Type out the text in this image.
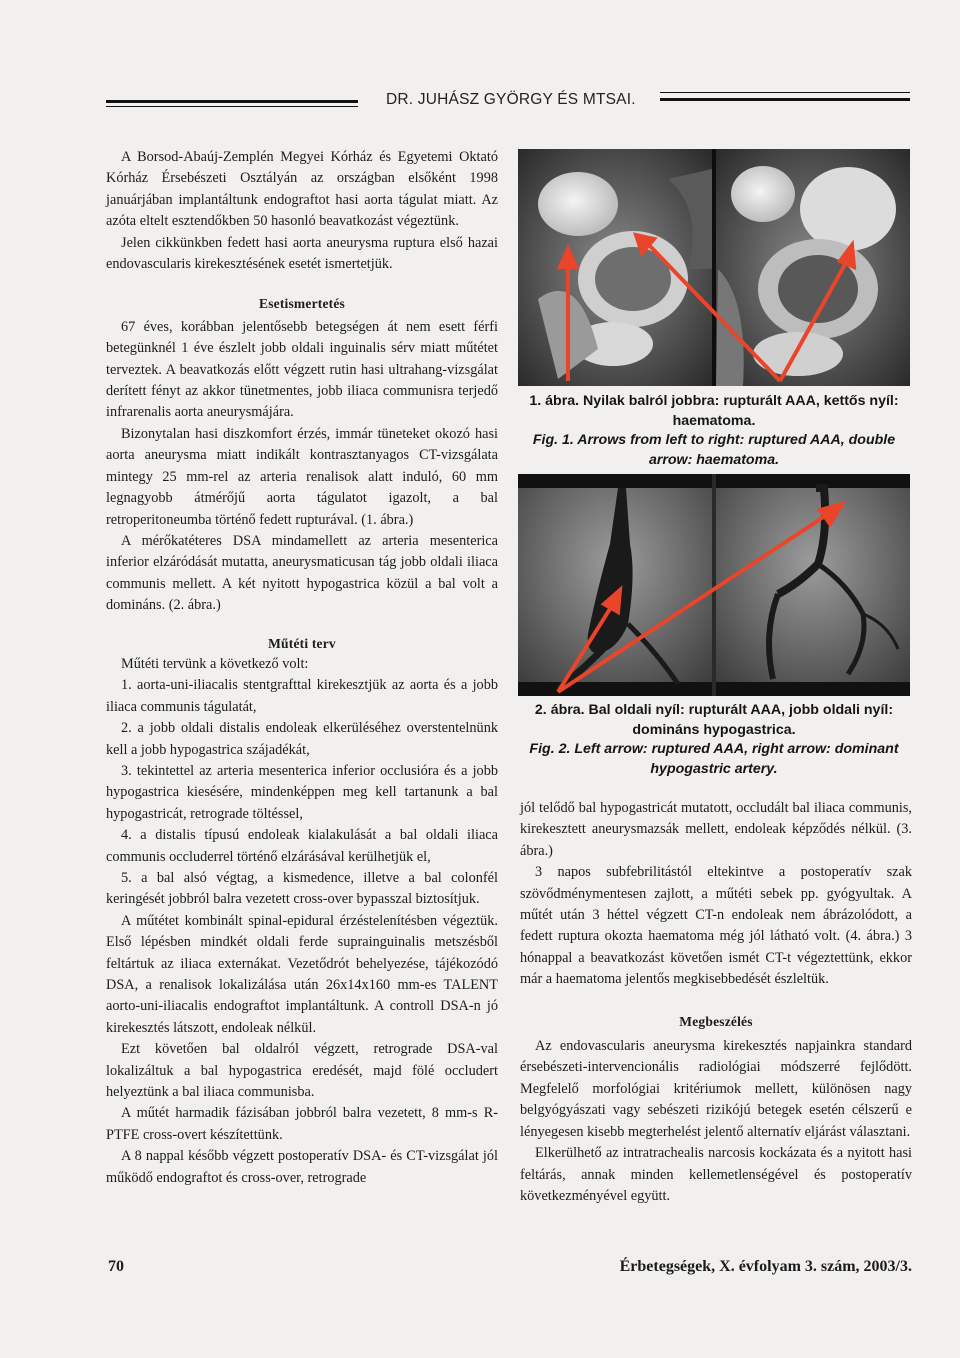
DR. JUHÁSZ GYÖRGY ÉS MTSAI.

A Borsod-Abaúj-Zemplén Megyei Kórház és Egyetemi Oktató Kórház Érsebészeti Osztályán az országban elsőként 1998 januárjában implantáltunk endograftot hasi aorta tágulat miatt. Az azóta eltelt esztendőkben 50 hasonló beavatkozást végeztünk.

Jelen cikkünkben fedett hasi aorta aneurysma ruptura első hazai endovascularis kirekesztésének esetét ismertetjük.

Esetismertetés

67 éves, korábban jelentősebb betegségen át nem esett férfi betegünknél 1 éve észlelt jobb oldali inguinalis sérv miatt műtétet terveztek. A beavatkozás előtt végzett rutin hasi ultrahang-vizsgálat derített fényt az akkor tünetmentes, jobb iliaca communisra terjedő infrarenalis aorta aneurysmájára.

Bizonytalan hasi diszkomfort érzés, immár tüneteket okozó hasi aorta aneurysma miatt indikált kontrasztanyagos CT-vizsgálata mintegy 25 mm-rel az arteria renalisok alatt induló, 60 mm legnagyobb átmérőjű aorta tágulatot igazolt, a bal retroperitoneumba történő fedett rupturával. (1. ábra.)

A mérőkatéteres DSA mindamellett az arteria mesenterica inferior elzáródását mutatta, aneurysmaticusan tág jobb oldali iliaca communis mellett. A két nyitott hypogastrica közül a bal volt a domináns. (2. ábra.)

Műtéti terv

Műtéti tervünk a következő volt:

1. aorta-uni-iliacalis stentgrafttal kirekesztjük az aorta és a jobb iliaca communis tágulatát,

2. a jobb oldali distalis endoleak elkerüléséhez overstentelnünk kell a jobb hypogastrica szájadékát,

3. tekintettel az arteria mesenterica inferior occlusióra és a jobb hypogastrica kiesésére, mindenképpen meg kell tartanunk a bal hypogastricát, retrograde töltéssel,

4. a distalis típusú endoleak kialakulását a bal oldali iliaca communis occluderrel történő elzárásával kerülhetjük el,

5. a bal alsó végtag, a kismedence, illetve a bal colonfél keringését jobbról balra vezetett cross-over bypasszal biztosítjuk.

A műtétet kombinált spinal-epidural érzéstelenítésben végeztük. Első lépésben mindkét oldali ferde suprainguinalis metszésből feltártuk az iliaca externákat. Vezetődrót behelyezése, tájékozódó DSA, a renalisok lokalizálása után 26x14x160 mm-es TALENT aorto-uni-iliacalis endograftot implantáltunk. A controll DSA-n jó kirekesztés látszott, endoleak nélkül.

Ezt követően bal oldalról végzett, retrograde DSA-val lokalizáltuk a bal hypogastrica eredését, majd fölé occludert helyeztünk a bal iliaca communisba.

A műtét harmadik fázisában jobbról balra vezetett, 8 mm-s R-PTFE cross-overt készítettünk.

A 8 nappal később végzett postoperatív DSA- és CT-vizsgálat jól működő endograftot és cross-over, retrograde

1. ábra. Nyilak balról jobbra: rupturált AAA, kettős nyíl: haematoma.
Fig. 1. Arrows from left to right: ruptured AAA, double arrow: haematoma.
2. ábra. Bal oldali nyíl: rupturált AAA, jobb oldali nyíl: domináns hypogastrica.
Fig. 2. Left arrow: ruptured AAA, right arrow: dominant hypogastric artery.

jól telődő bal hypogastricát mutatott, occludált bal iliaca communis, kirekesztett aneurysmazsák mellett, endoleak képződés nélkül. (3. ábra.)

3 napos subfebrilitástól eltekintve a postoperatív szak szövődménymentesen zajlott, a műtéti sebek pp. gyógyultak. A műtét után 3 héttel végzett CT-n endoleak nem ábrázolódott, a fedett ruptura okozta haematoma még jól látható volt. (4. ábra.) 3 hónappal a beavatkozást követően ismét CT-t végeztettünk, ekkor már a haematoma jelentős megkisebbedését észleltük.

Megbeszélés

Az endovascularis aneurysma kirekesztés napjainkra standard érsebészeti-intervencionális radiológiai módszerré fejlődött. Megfelelő morfológiai kritériumok mellett, különösen nagy belgyógyászati vagy sebészeti rizikójú betegek esetén célszerű e lényegesen kisebb megterhelést jelentő alternatív eljárást választani.

Elkerülhető az intratrachealis narcosis kockázata és a nyitott hasi feltárás, annak minden kellemetlenségével és postoperatív következményével együtt.

70	Érbetegségek, X. évfolyam 3. szám, 2003/3.
